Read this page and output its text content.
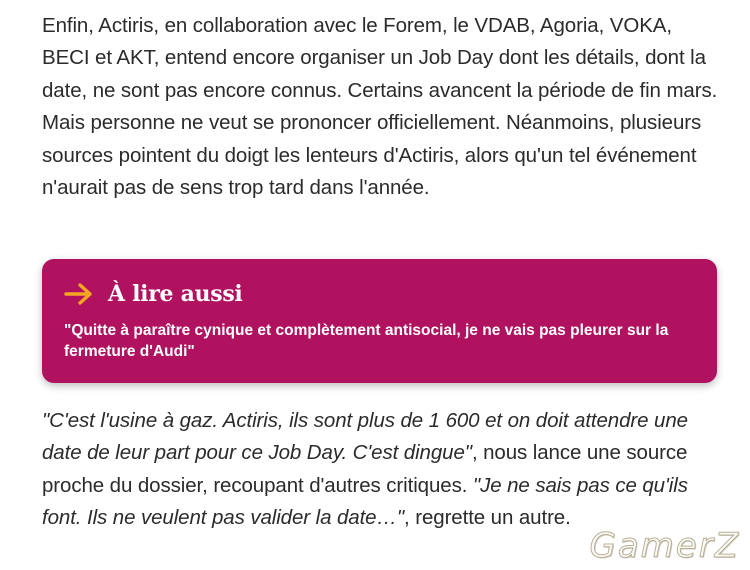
Enfin, Actiris, en collaboration avec le Forem, le VDAB, Agoria, VOKA, BECI et AKT, entend encore organiser un Job Day dont les détails, dont la date, ne sont pas encore connus. Certains avancent la période de fin mars. Mais personne ne veut se prononcer officiellement. Néanmoins, plusieurs sources pointent du doigt les lenteurs d'Actiris, alors qu'un tel événement n'aurait pas de sens trop tard dans l'année.

À lire aussi
"Quitte à paraître cynique et complètement antisocial, je ne vais pas pleurer sur la fermeture d'Audi"

"C'est l'usine à gaz. Actiris, ils sont plus de 1 600 et on doit attendre une date de leur part pour ce Job Day. C'est dingue", nous lance une source proche du dossier, recoupant d'autres critiques. "Je ne sais pas ce qu'ils font. Ils ne veulent pas valider la date…", regrette un autre.

GamerZ
